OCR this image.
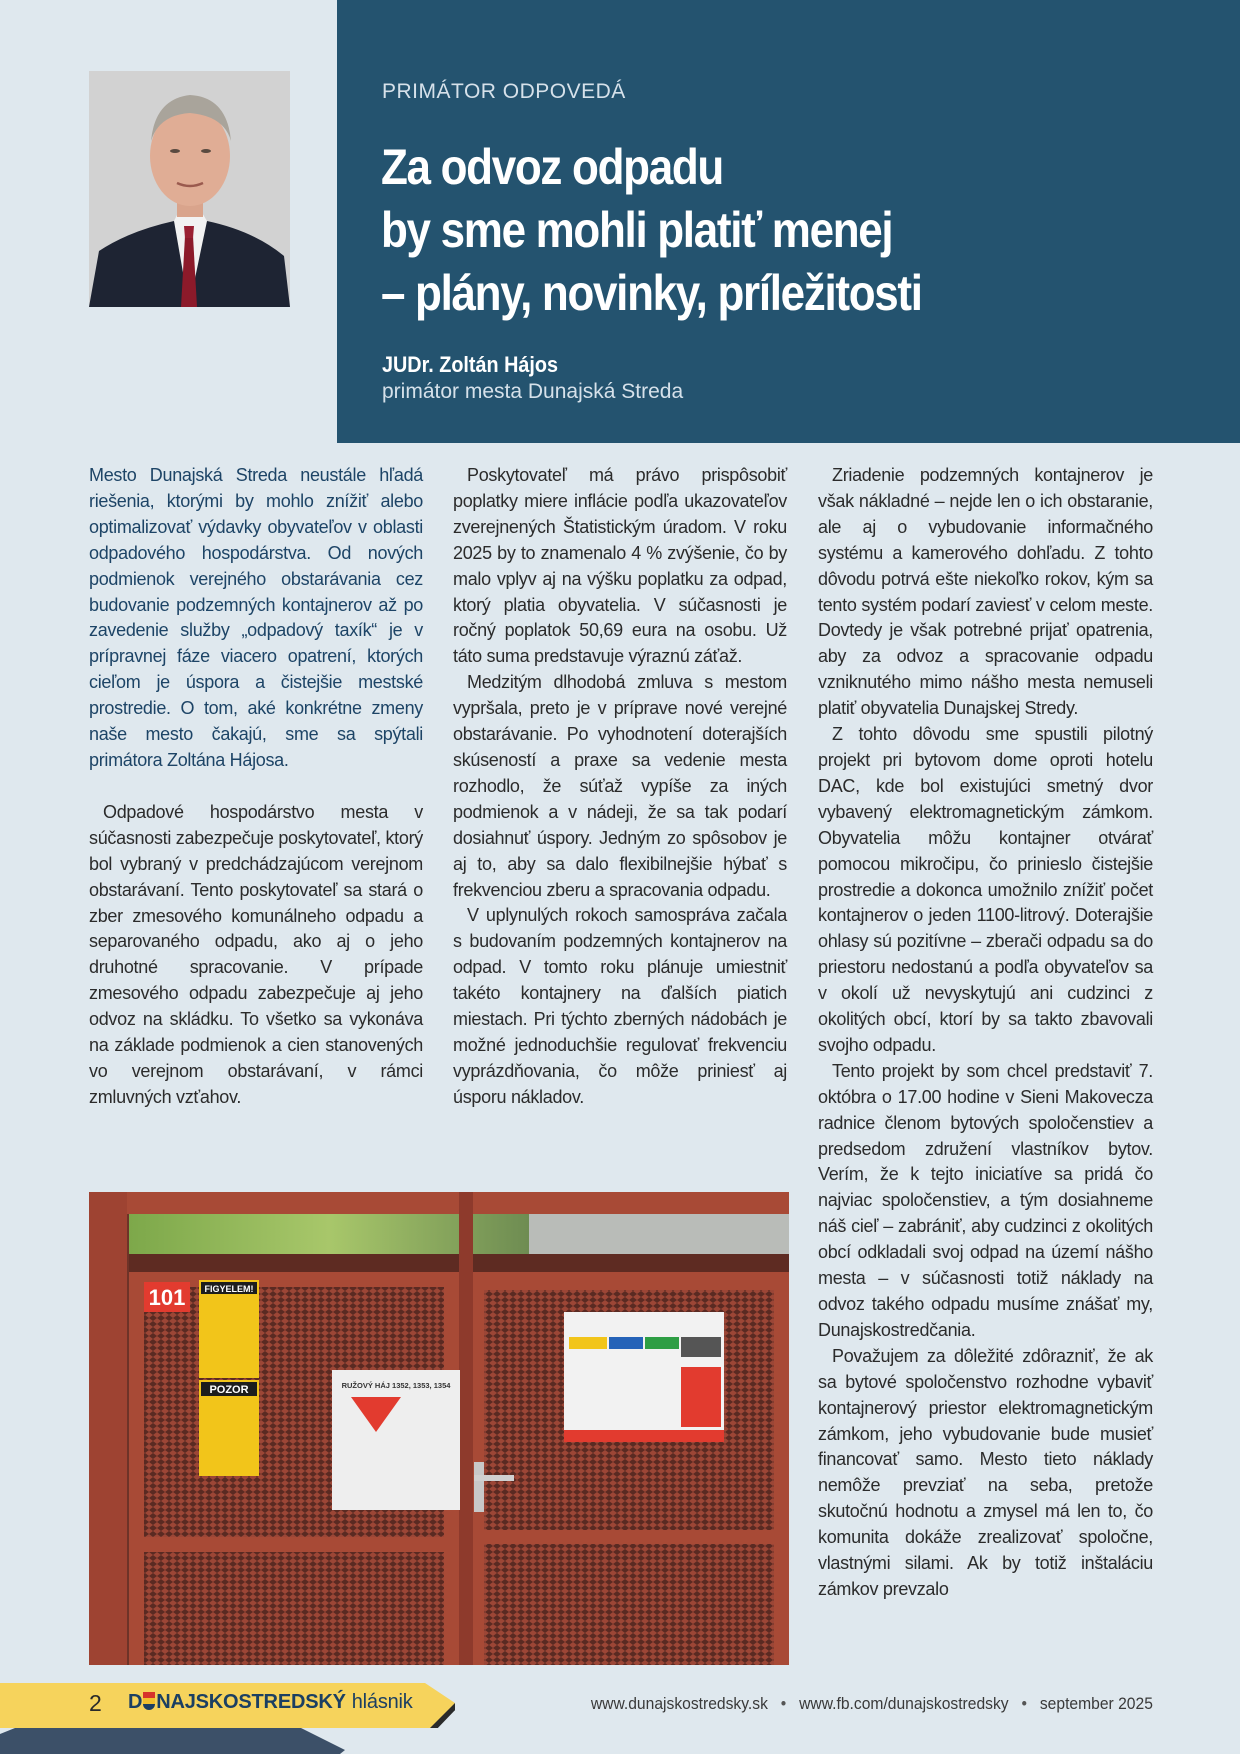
PRIMÁTOR ODPOVEDÁ
Za odvoz odpadu
by sme mohli platiť menej
– plány, novinky, príležitosti
JUDr. Zoltán Hájos
primátor mesta Dunajská Streda

Mesto Dunajská Streda neustále hľadá riešenia, ktorými by mohlo znížiť alebo optimalizovať výdavky obyvateľov v oblasti odpadového hospodárstva. Od nových podmienok verejného obstarávania cez budovanie podzemných kontajnerov až po zavedenie služby „odpadový taxík“ je v prípravnej fáze viacero opatrení, ktorých cieľom je úspora a čistejšie mestské prostredie. O tom, aké konkrétne zmeny naše mesto čakajú, sme sa spýtali primátora Zoltána Hájosa.

Odpadové hospodárstvo mesta v súčasnosti zabezpečuje poskytovateľ, ktorý bol vybraný v predchádzajúcom verejnom obstarávaní. Tento poskytovateľ sa stará o zber zmesového komunálneho odpadu a separovaného odpadu, ako aj o jeho druhotné spracovanie. V prípade zmesového odpadu zabezpečuje aj jeho odvoz na skládku. To všetko sa vykonáva na základe podmienok a cien stanovených vo verejnom obstarávaní, v rámci zmluvných vzťahov.

Poskytovateľ má právo prispôsobiť poplatky miere inflácie podľa ukazovateľov zverejnených Štatistickým úradom. V roku 2025 by to znamenalo 4 % zvýšenie, čo by malo vplyv aj na výšku poplatku za odpad, ktorý platia obyvatelia. V súčasnosti je ročný poplatok 50,69 eura na osobu. Už táto suma predstavuje výraznú záťaž.

Medzitým dlhodobá zmluva s mestom vypršala, preto je v príprave nové verejné obstarávanie. Po vyhodnotení doterajších skúseností a praxe sa vedenie mesta rozhodlo, že súťaž vypíše za iných podmienok a v nádeji, že sa tak podarí dosiahnuť úspory. Jedným zo spôsobov je aj to, aby sa dalo flexibilnejšie hýbať s frekvenciou zberu a spracovania odpadu.

V uplynulých rokoch samospráva začala s budovaním podzemných kontajnerov na odpad. V tomto roku plánuje umiestniť takéto kontajnery na ďalších piatich miestach. Pri týchto zberných nádobách je možné jednoduchšie regulovať frekvenciu vyprázdňovania, čo môže priniesť aj úsporu nákladov.

Zriadenie podzemných kontajnerov je však nákladné – nejde len o ich obstaranie, ale aj o vybudovanie informačného systému a kamerového dohľadu. Z tohto dôvodu potrvá ešte niekoľko rokov, kým sa tento systém podarí zaviesť v celom meste. Dovtedy je však potrebné prijať opatrenia, aby za odvoz a spracovanie odpadu vzniknutého mimo nášho mesta nemuseli platiť obyvatelia Dunajskej Stredy.

Z tohto dôvodu sme spustili pilotný projekt pri bytovom dome oproti hotelu DAC, kde bol existujúci smetný dvor vybavený elektromagnetickým zámkom. Obyvatelia môžu kontajner otvárať pomocou mikročipu, čo prinieslo čistejšie prostredie a dokonca umožnilo znížiť počet kontajnerov o jeden 1100-litrový. Doterajšie ohlasy sú pozitívne – zberači odpadu sa do priestoru nedostanú a podľa obyvateľov sa v okolí už nevyskytujú ani cudzinci z okolitých obcí, ktorí by sa takto zbavovali svojho odpadu.

Tento projekt by som chcel predstaviť 7. októbra o 17.00 hodine v Sieni Makovecza radnice členom bytových spoločenstiev a predsedom združení vlastníkov bytov. Verím, že k tejto iniciatíve sa pridá čo najviac spoločenstiev, a tým dosiahneme náš cieľ – zabrániť, aby cudzinci z okolitých obcí odkladali svoj odpad na území nášho mesta – v súčasnosti totiž náklady na odvoz takého odpadu musíme znášať my, Dunajskostredčania.

Považujem za dôležité zdôrazniť, že ak sa bytové spoločenstvo rozhodne vybaviť kontajnerový priestor elektromagnetickým zámkom, jeho vybudovanie bude musieť financovať samo. Mesto tieto náklady nemôže prevziať na seba, pretože skutočnú hodnotu a zmysel má len to, čo komunita dokáže zrealizovať spoločne, vlastnými silami. Ak by totiž inštaláciu zámkov prevzalo

101 FIGYELEM!
POZOR	RUŽOVÝ HÁJ 1352, 1353, 1354
2 D NAJSKOSTR E DSKÝ hlásnik	www.dunajskostredsky.sk • www.fb.com/dunajskostredsky • september 2025
